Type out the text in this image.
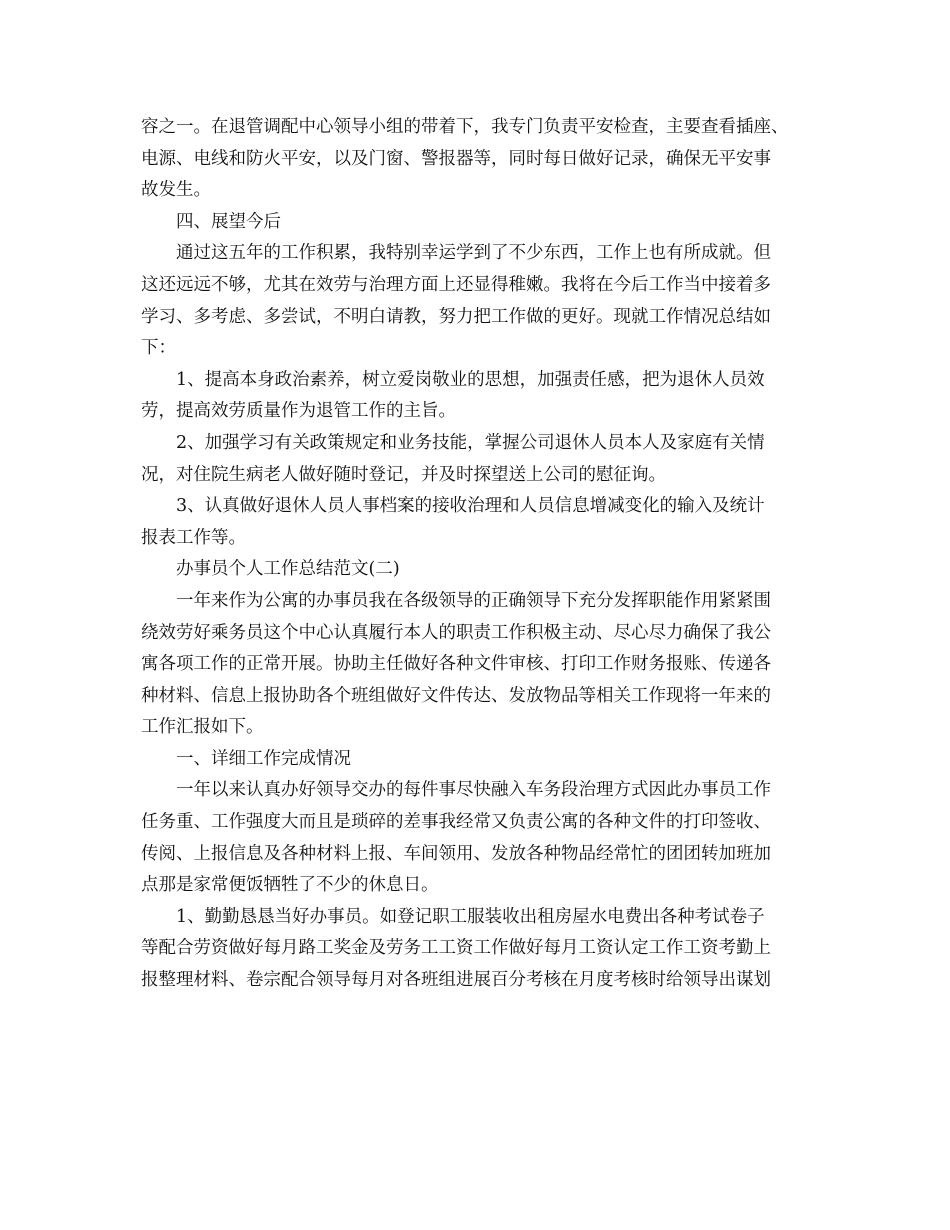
容之一。在退管调配中心领导小组的带着下，我专门负责平安检查，主要查看插座、
电源、电线和防火平安，以及门窗、警报器等，同时每日做好记录，确保无平安事
故发生。
四、展望今后
通过这五年的工作积累，我特别幸运学到了不少东西，工作上也有所成就。但
这还远远不够，尤其在效劳与治理方面上还显得稚嫩。我将在今后工作当中接着多
学习、多考虑、多尝试，不明白请教，努力把工作做的更好。现就工作情况总结如
下：
1、提高本身政治素养，树立爱岗敬业的思想，加强责任感，把为退休人员效
劳，提高效劳质量作为退管工作的主旨。
2、加强学习有关政策规定和业务技能，掌握公司退休人员本人及家庭有关情
况，对住院生病老人做好随时登记，并及时探望送上公司的慰征询。
3、认真做好退休人员人事档案的接收治理和人员信息增减变化的输入及统计
报表工作等。
办事员个人工作总结范文(二)
一年来作为公寓的办事员我在各级领导的正确领导下充分发挥职能作用紧紧围
绕效劳好乘务员这个中心认真履行本人的职责工作积极主动、尽心尽力确保了我公
寓各项工作的正常开展。协助主任做好各种文件审核、打印工作财务报账、传递各
种材料、信息上报协助各个班组做好文件传达、发放物品等相关工作现将一年来的
工作汇报如下。
一、详细工作完成情况
一年以来认真办好领导交办的每件事尽快融入车务段治理方式因此办事员工作
任务重、工作强度大而且是琐碎的差事我经常又负责公寓的各种文件的打印签收、
传阅、上报信息及各种材料上报、车间领用、发放各种物品经常忙的团团转加班加
点那是家常便饭牺牲了不少的休息日。
1、勤勤恳恳当好办事员。如登记职工服装收出租房屋水电费出各种考试卷子
等配合劳资做好每月路工奖金及劳务工工资工作做好每月工资认定工作工资考勤上
报整理材料、卷宗配合领导每月对各班组进展百分考核在月度考核时给领导出谋划
